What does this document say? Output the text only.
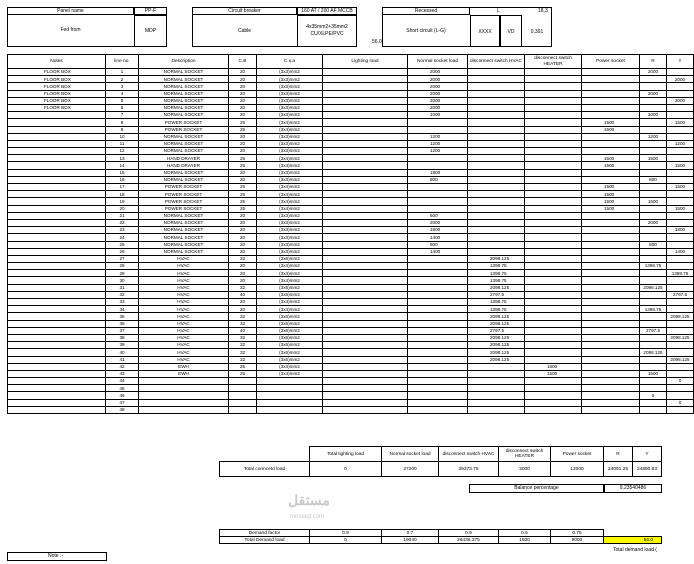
Panel name	PP-F
Fed from	MDP
Circuit breaker	160 AT / 200 AF MCCB
Cable
4x35mm2+35mm2
CU/XLPE/PVC
56.0
Recessed	L	18.3
Short circuit (L-G)	XXXX	VD	0.391
Notes	line no.	Description	C.B	C.s.a	Lighting load	Normal socket load	disconnect switch HVAC	disconnect switch HEATER	Power socket	R	Y
FLOOR BOX	1	NORMAL SOCKET	20	(3x3)mm2		2000				2000	
FLOOR BOX	2	NORMAL SOCKET	20	(3x3)mm2		2000					2000
FLOOR BOX	3	NORMAL SOCKET	20	(3x3)mm2		2000					
FLOOR BOX	4	NORMAL SOCKET	20	(3x3)mm2		2000				2000	
FLOOR BOX	5	NORMAL SOCKET	20	(3x3)mm2		2000					2000
FLOOR BOX	6	NORMAL SOCKET	20	(3x3)mm2		2000					
	7	NORMAL SOCKET	20	(3x3)mm2		1000				1000	
	8	POWER SOCKET	25	(3x4)mm2					1500		1500
	9	POWER SOCKET	25	(3x4)mm2					1500		
	10	NORMAL SOCKET	20	(3x3)mm2		1200				1200	
	11	NORMAL SOCKET	20	(3x3)mm2		1200					1200
	12	NORMAL SOCKET	20	(3x3)mm2		1200					
	13	HAND DRAYER	25	(3x4)mm2					1500	1500	
	14	HAND DRAYER	25	(3x4)mm2					1500		1500
	15	NORMAL SOCKET	20	(3x3)mm2		1800					
	16	NORMAL SOCKET	20	(3x3)mm2		800				800	
	17	POWER SOCKET	25	(3x4)mm2					1500		1500
	18	POWER SOCKET	25	(3x4)mm2					1500		
	19	POWER SOCKET	25	(3x4)mm2					1500	1500	
	20	POWER SOCKET	25	(3x4)mm2					1500		1500
	21	NORMAL SOCKET	20	(3x3)mm2		600					
	22	NORMAL SOCKET	20	(3x3)mm2		2000				2000	
	23	NORMAL SOCKET	20	(3x3)mm2		1800					1800
	24	NORMAL SOCKET	20	(3x3)mm2		1400					
	25	NORMAL SOCKET	20	(3x3)mm2		800				800	
	26	NORMAL SOCKET	20	(3x3)mm2		1400					1400
	27	HVAC	32	(3x6)mm2			2098.125				
	28	HVAC	20	(3x4)mm2			1398.75			1398.75	
	29	HVAC	20	(3x4)mm2			1398.75				1398.75
	30	HVAC	20	(3x4)mm2			1398.75				
	31	HVAC	32	(3x6)mm2			2098.125			2098.125	
	32	HVAC	40	(3x6)mm2			2797.5				2797.5
	33	HVAC	20	(3x4)mm2			1398.75				
	34	HVAC	20	(3x4)mm2			1398.75			1398.75	
	35	HVAC	32	(3x6)mm2			2098.125				2098.125
	36	HVAC	32	(3x6)mm2			2098.125				
	37	HVAC	40	(3x6)mm2			2797.5			2797.5	
	38	HVAC	32	(3x6)mm2			2098.125				2098.125
	39	HVAC	32	(3x6)mm2			2098.125				
	40	HVAC	32	(3x6)mm2			2098.125			2098.125	
	41	HVAC	32	(3x6)mm2			2098.125				2098.125
	42	EWH	25	(3x4)mm2				1500			
	43	EWH	25	(3x4)mm2				1500		1500	
	44										0
	45										
	46									0	
	47										0
	48										
	Total lighting load	Normal socket load	disconnect switch HVAC	disconnect switch HEATER	Power socket	R	Y
Total conncetd load	0	27200	29373.75	3000	12000	24091.25	24890.63
Balance percentage	9.23540486
Demand factor	0.9	0.7	0.9	0.5	0.75		
Total Demand load	0	19040	26436.375	1500	9000	56.0	
Total demand load (
Note :-
مستقل
mostaql.com
